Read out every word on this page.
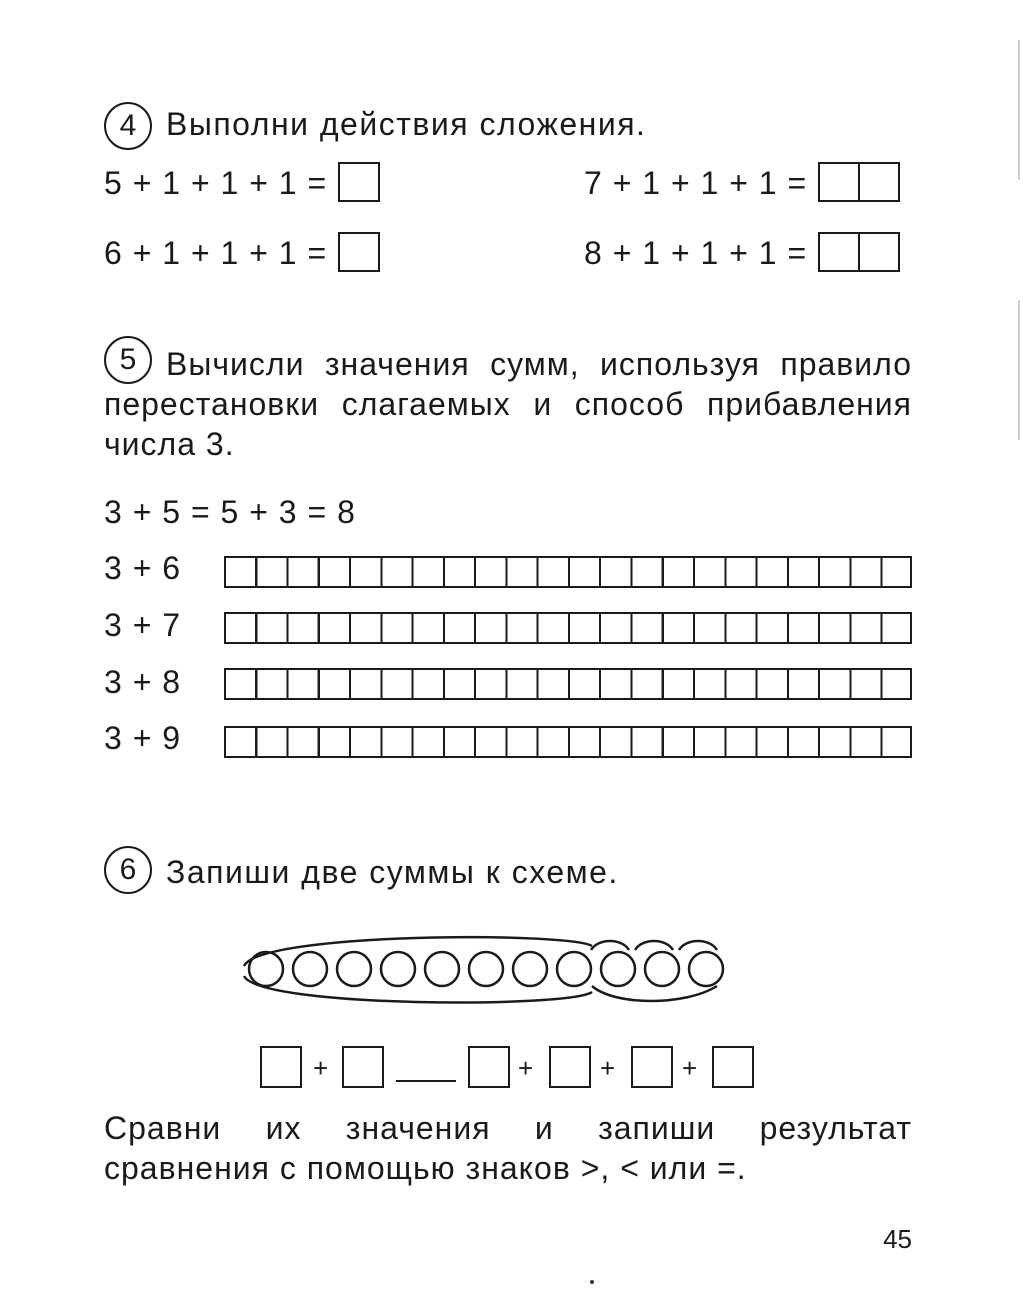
4 Выполни действия сложения.
5 + 1 + 1 + 1 =	7 + 1 + 1 + 1 =
6 + 1 + 1 + 1 =	8 + 1 + 1 + 1 =
5 Вычисли значения сумм, используя правило перестановки слагаемых и способ прибавления числа 3.
3 + 5 = 5 + 3 = 8
3 + 6
3 + 7
3 + 8
3 + 9
6 Запиши две суммы к схеме.
+	+	+	+
Сравни их значения и запиши результат сравнения с помощью знаков >, < или =.
45
